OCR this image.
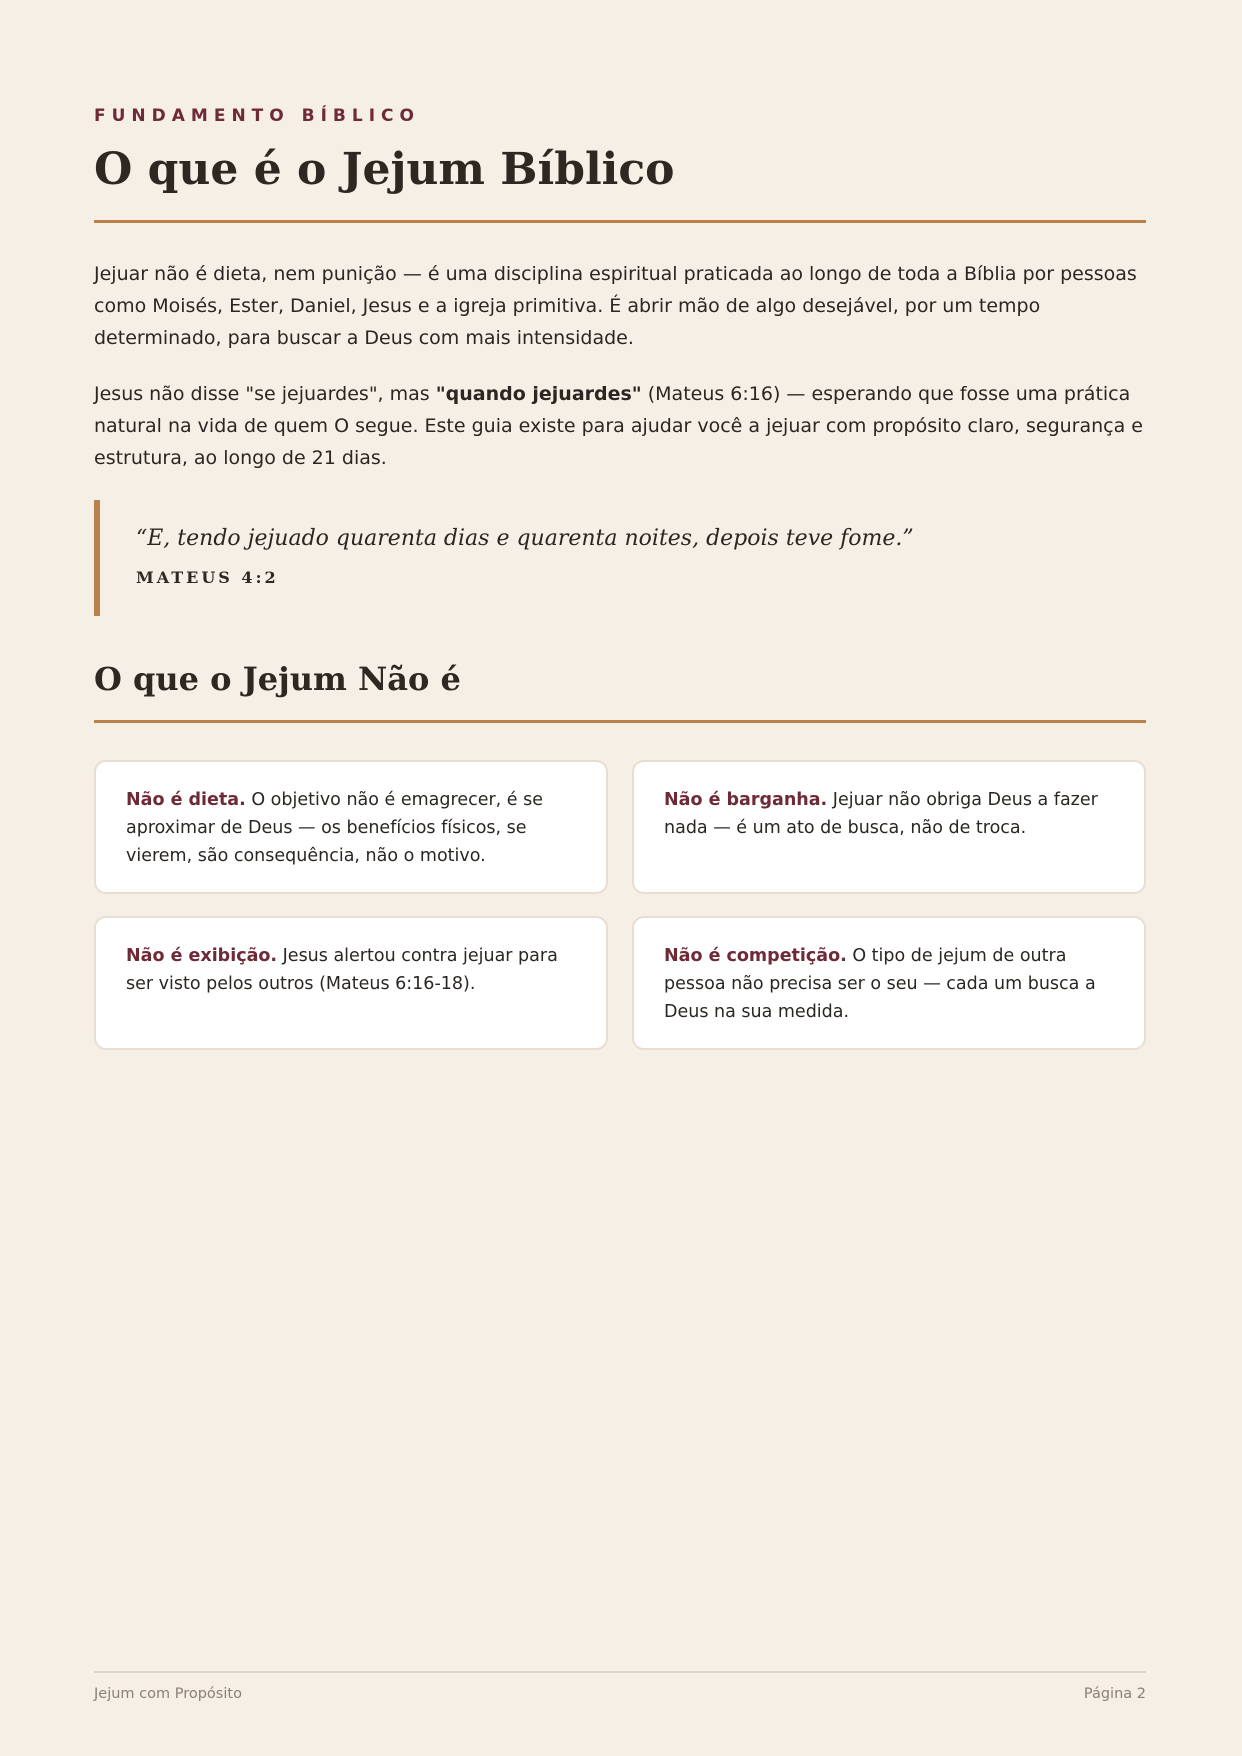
FUNDAMENTO BÍBLICO
O que é o Jejum Bíblico

Jejuar não é dieta, nem punição — é uma disciplina espiritual praticada ao longo de toda a Bíblia por pessoas como Moisés, Ester, Daniel, Jesus e a igreja primitiva. É abrir mão de algo desejável, por um tempo determinado, para buscar a Deus com mais intensidade.

Jesus não disse "se jejuardes", mas "quando jejuardes" (Mateus 6:16) — esperando que fosse uma prática natural na vida de quem O segue. Este guia existe para ajudar você a jejuar com propósito claro, segurança e estrutura, ao longo de 21 dias.

“E, tendo jejuado quarenta dias e quarenta noites, depois teve fome.”
MATEUS 4:2
O que o Jejum Não é
Não é dieta. O objetivo não é emagrecer, é se aproximar de Deus — os benefícios físicos, se vierem, são consequência, não o motivo.
Não é barganha. Jejuar não obriga Deus a fazer nada — é um ato de busca, não de troca.
Não é exibição. Jesus alertou contra jejuar para ser visto pelos outros (Mateus 6:16-18).
Não é competição. O tipo de jejum de outra pessoa não precisa ser o seu — cada um busca a Deus na sua medida.
Jejum com Propósito	Página 2
